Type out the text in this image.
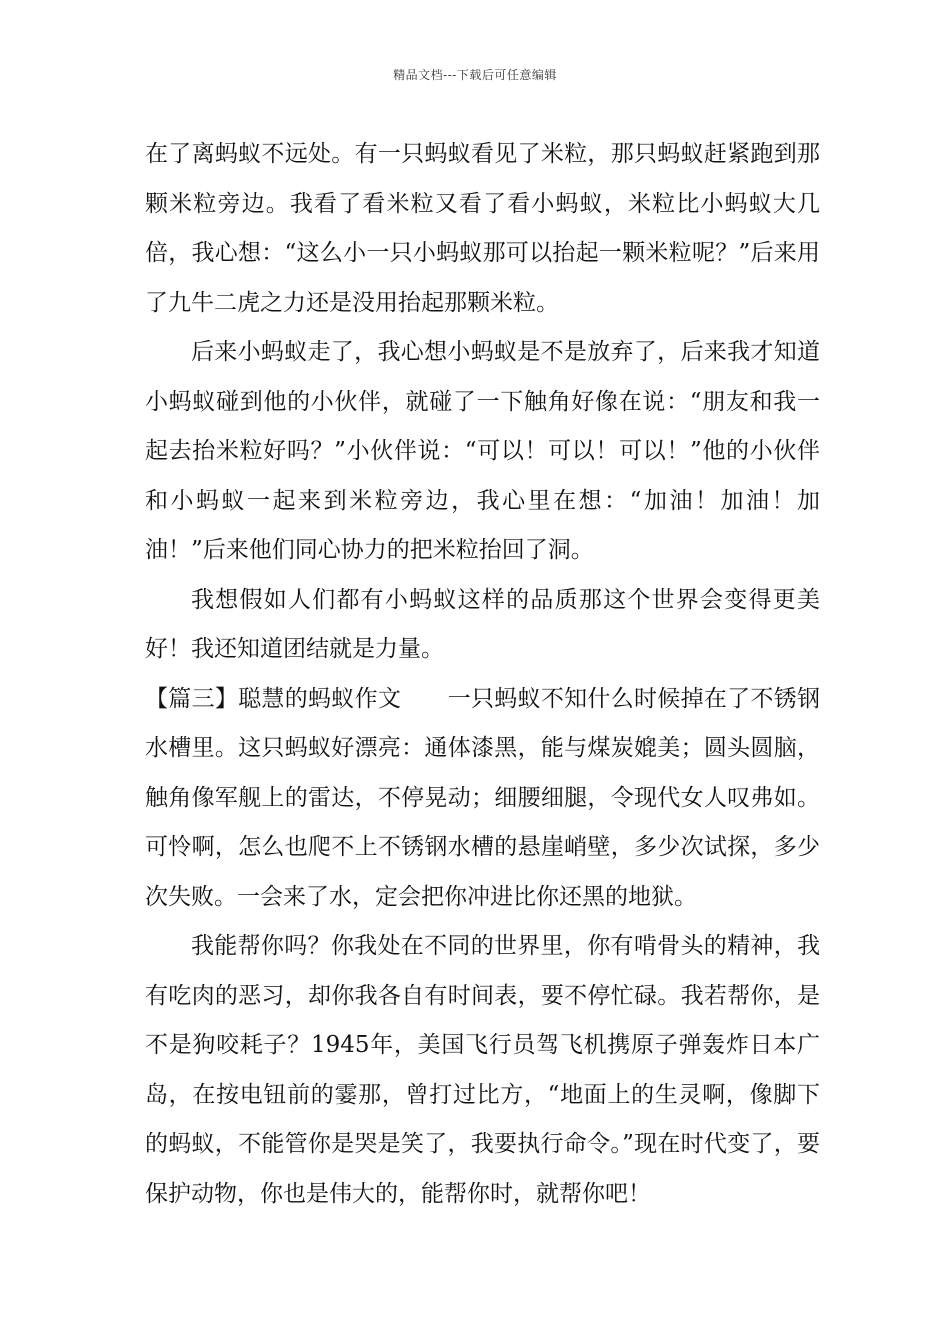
精品文档---下载后可任意编辑

在了离蚂蚁不远处。有一只蚂蚁看见了米粒，那只蚂蚁赶紧跑到那颗米粒旁边。我看了看米粒又看了看小蚂蚁，米粒比小蚂蚁大几倍，我心想：“这么小一只小蚂蚁那可以抬起一颗米粒呢？”后来用了九牛二虎之力还是没用抬起那颗米粒。

后来小蚂蚁走了，我心想小蚂蚁是不是放弃了，后来我才知道小蚂蚁碰到他的小伙伴，就碰了一下触角好像在说：“朋友和我一起去抬米粒好吗？”小伙伴说：“可以！可以！可以！”他的小伙伴和小蚂蚁一起来到米粒旁边，我心里在想：“加油！加油！加油！”后来他们同心协力的把米粒抬回了洞。

我想假如人们都有小蚂蚁这样的品质那这个世界会变得更美好！我还知道团结就是力量。

【篇三】聪慧的蚂蚁作文　　一只蚂蚁不知什么时候掉在了不锈钢水槽里。这只蚂蚁好漂亮：通体漆黑，能与煤炭媲美；圆头圆脑，触角像军舰上的雷达，不停晃动；细腰细腿，令现代女人叹弗如。可怜啊，怎么也爬不上不锈钢水槽的悬崖峭壁，多少次试探，多少次失败。一会来了水，定会把你冲进比你还黑的地狱。

我能帮你吗？你我处在不同的世界里，你有啃骨头的精神，我有吃肉的恶习，却你我各自有时间表，要不停忙碌。我若帮你，是不是狗咬耗子？1945年，美国飞行员驾飞机携原子弹轰炸日本广岛，在按电钮前的霎那，曾打过比方，“地面上的生灵啊，像脚下的蚂蚁，不能管你是哭是笑了，我要执行命令。”现在时代变了，要保护动物，你也是伟大的，能帮你时，就帮你吧！
